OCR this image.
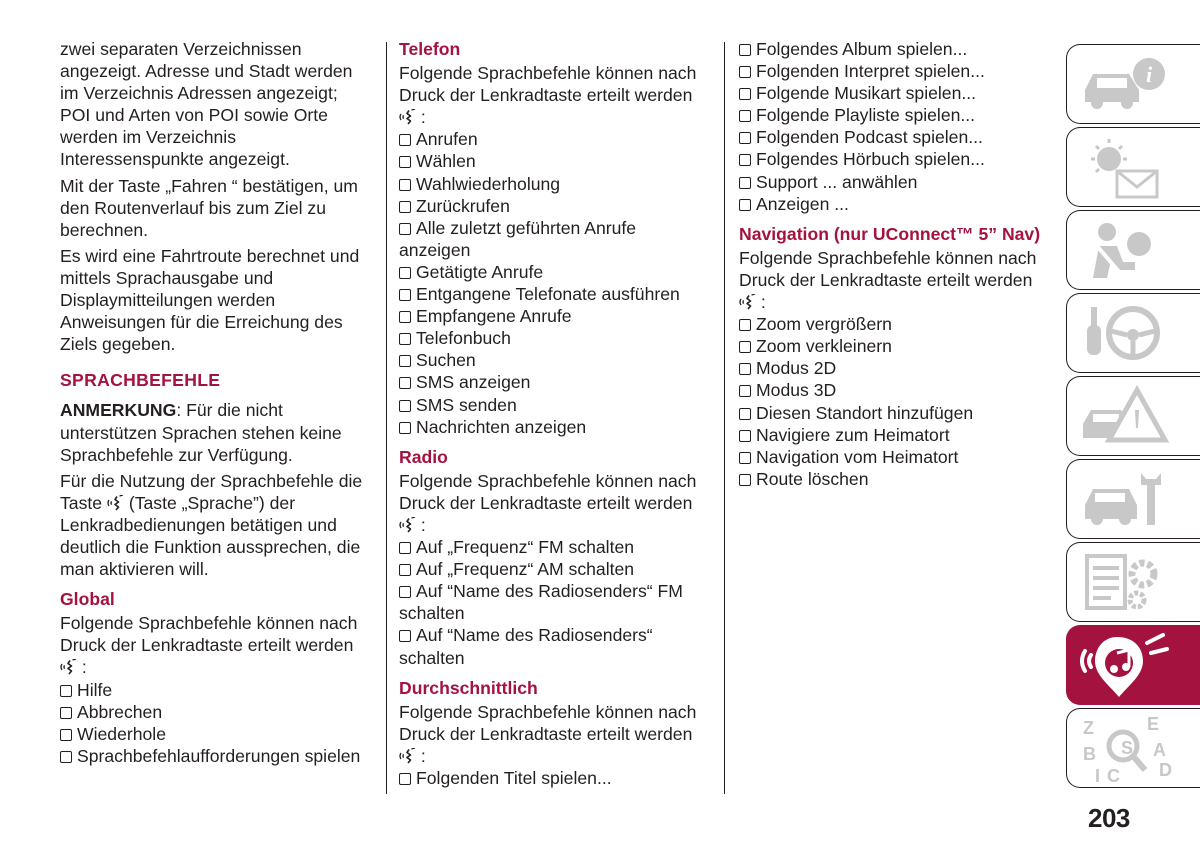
zwei separaten Verzeichnissen angezeigt. Adresse und Stadt werden im Verzeichnis Adressen angezeigt; POI und Arten von POI sowie Orte werden im Verzeichnis Interessenspunkte angezeigt.

Mit der Taste „Fahren “ bestätigen, um den Routenverlauf bis zum Ziel zu berechnen.

Es wird eine Fahrtroute berechnet und mittels Sprachausgabe und Displaymitteilungen werden Anweisungen für die Erreichung des Ziels gegeben.

SPRACHBEFEHLE

ANMERKUNG: Für die nicht unterstützen Sprachen stehen keine Sprachbefehle zur Verfügung.

Für die Nutzung der Sprachbefehle die Taste (Taste „Sprache”) der Lenkradbedienungen betätigen und deutlich die Funktion aussprechen, die man aktivieren will.

Global
Folgende Sprachbefehle können nach Druck der Lenkradtaste erteilt werden

:
Hilfe
Abbrechen
Wiederhole
Sprachbefehlaufforderungen spielen
Telefon
Folgende Sprachbefehle können nach Druck der Lenkradtaste erteilt werden

:
Anrufen
Wählen
Wahlwiederholung
Zurückrufen
Alle zuletzt geführten Anrufe anzeigen
Getätigte Anrufe
Entgangene Telefonate ausführen
Empfangene Anrufe
Telefonbuch
Suchen
SMS anzeigen
SMS senden
Nachrichten anzeigen
Radio
Folgende Sprachbefehle können nach Druck der Lenkradtaste erteilt werden

:
Auf „Frequenz“ FM schalten
Auf „Frequenz“ AM schalten
Auf “Name des Radiosenders“ FM schalten
Auf “Name des Radiosenders“ schalten
Durchschnittlich
Folgende Sprachbefehle können nach Druck der Lenkradtaste erteilt werden

:
Folgenden Titel spielen...
Folgendes Album spielen...
Folgenden Interpret spielen...
Folgende Musikart spielen...
Folgende Playliste spielen...
Folgenden Podcast spielen...
Folgendes Hörbuch spielen...
Support ... anwählen
Anzeigen ...
Navigation (nur UConnect™ 5” Nav)
Folgende Sprachbefehle können nach Druck der Lenkradtaste erteilt werden

:
Zoom vergrößern
Zoom verkleinern
Modus 2D
Modus 3D
Diesen Standort hinzufügen
Navigiere zum Heimatort
Navigation vom Heimatort
Route löschen
i
Z	E
B	A
I C D
S
203
